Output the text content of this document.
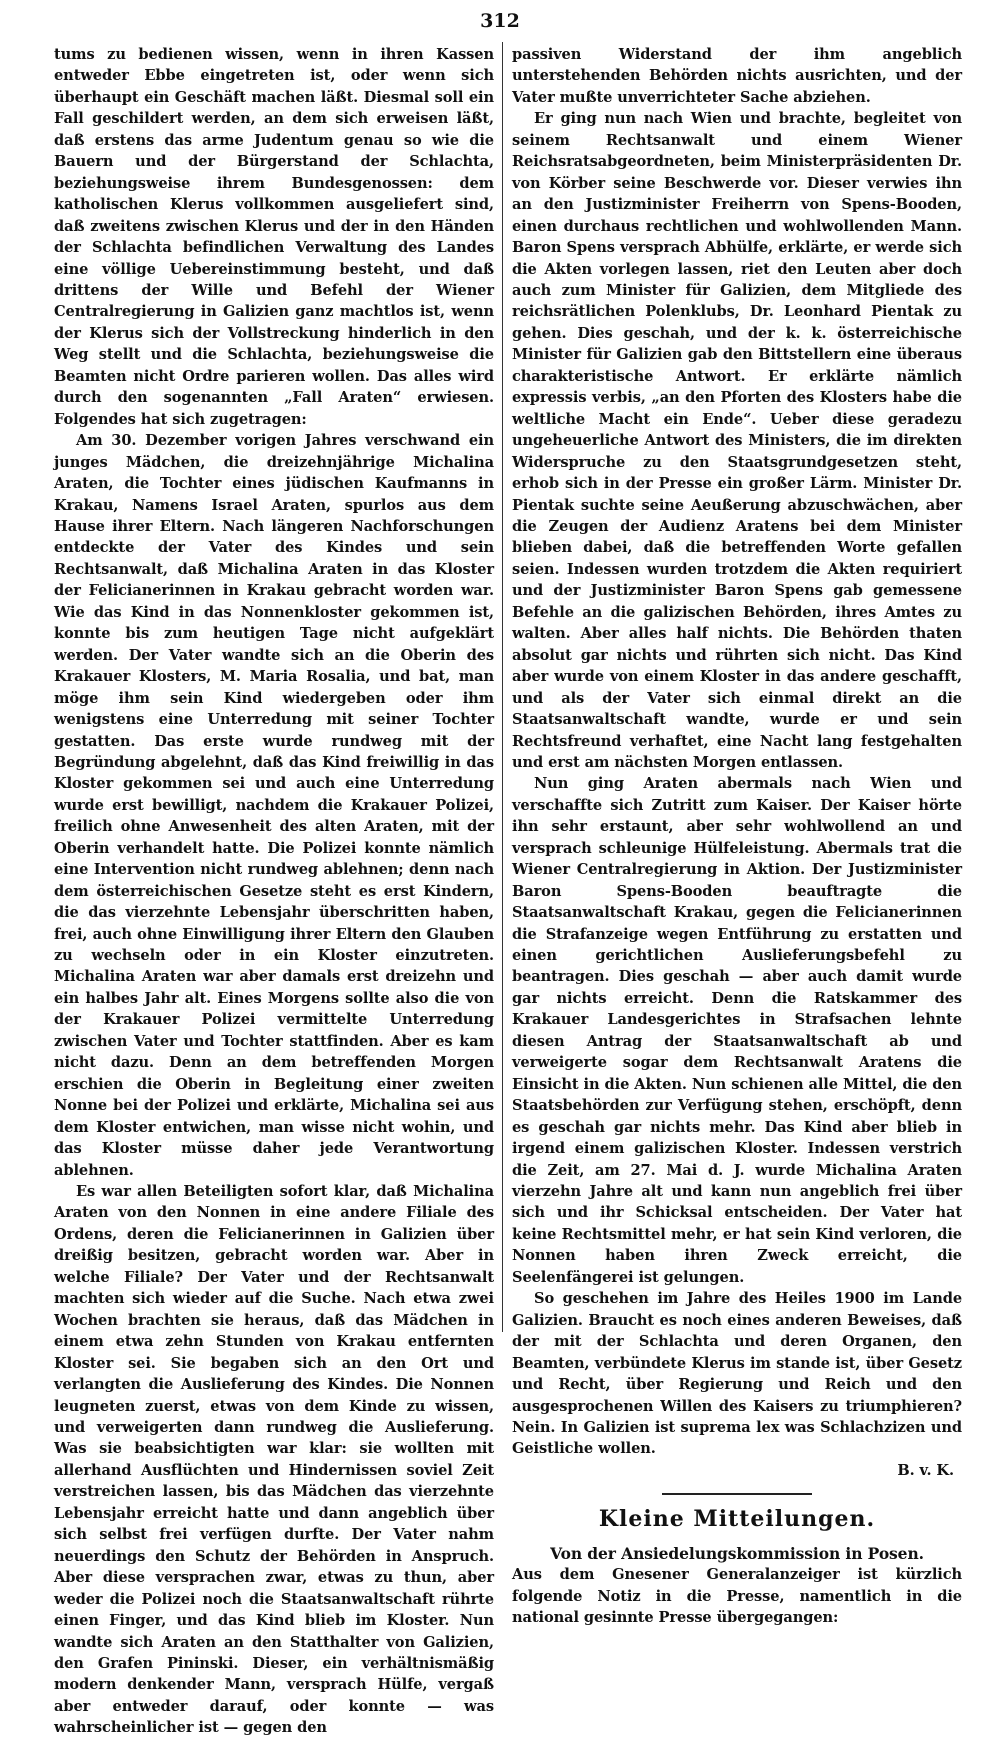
312

tums zu bedienen wissen, wenn in ihren Kassen entweder Ebbe eingetreten ist, oder wenn sich überhaupt ein Geschäft machen läßt. Diesmal soll ein Fall geschildert werden, an dem sich erweisen läßt, daß erstens das arme Judentum genau so wie die Bauern und der Bürgerstand der Schlachta, beziehungsweise ihrem Bundesgenossen: dem katholischen Klerus vollkommen ausgeliefert sind, daß zweitens zwischen Klerus und der in den Händen der Schlachta befindlichen Verwaltung des Landes eine völlige Uebereinstimmung besteht, und daß drittens der Wille und Befehl der Wiener Centralregierung in Galizien ganz machtlos ist, wenn der Klerus sich der Vollstreckung hinderlich in den Weg stellt und die Schlachta, beziehungsweise die Beamten nicht Ordre parieren wollen. Das alles wird durch den sogenannten „Fall Araten“ erwiesen. Folgendes hat sich zugetragen:

Am 30. Dezember vorigen Jahres verschwand ein junges Mädchen, die dreizehnjährige Michalina Araten, die Tochter eines jüdischen Kaufmanns in Krakau, Namens Israel Araten, spurlos aus dem Hause ihrer Eltern. Nach längeren Nachforschungen entdeckte der Vater des Kindes und sein Rechtsanwalt, daß Michalina Araten in das Kloster der Felicianerinnen in Krakau gebracht worden war. Wie das Kind in das Nonnenkloster gekommen ist, konnte bis zum heutigen Tage nicht aufgeklärt werden. Der Vater wandte sich an die Oberin des Krakauer Klosters, M. Maria Rosalia, und bat, man möge ihm sein Kind wiedergeben oder ihm wenigstens eine Unterredung mit seiner Tochter gestatten. Das erste wurde rundweg mit der Begründung abgelehnt, daß das Kind freiwillig in das Kloster gekommen sei und auch eine Unterredung wurde erst bewilligt, nachdem die Krakauer Polizei, freilich ohne Anwesenheit des alten Araten, mit der Oberin verhandelt hatte. Die Polizei konnte nämlich eine Intervention nicht rundweg ablehnen; denn nach dem österreichischen Gesetze steht es erst Kindern, die das vierzehnte Lebensjahr überschritten haben, frei, auch ohne Einwilligung ihrer Eltern den Glauben zu wechseln oder in ein Kloster einzutreten. Michalina Araten war aber damals erst dreizehn und ein halbes Jahr alt. Eines Morgens sollte also die von der Krakauer Polizei vermittelte Unterredung zwischen Vater und Tochter stattfinden. Aber es kam nicht dazu. Denn an dem betreffenden Morgen erschien die Oberin in Begleitung einer zweiten Nonne bei der Polizei und erklärte, Michalina sei aus dem Kloster entwichen, man wisse nicht wohin, und das Kloster müsse daher jede Verantwortung ablehnen.

Es war allen Beteiligten sofort klar, daß Michalina Araten von den Nonnen in eine andere Filiale des Ordens, deren die Felicianerinnen in Galizien über dreißig besitzen, gebracht worden war. Aber in welche Filiale? Der Vater und der Rechtsanwalt machten sich wieder auf die Suche. Nach etwa zwei Wochen brachten sie heraus, daß das Mädchen in einem etwa zehn Stunden von Krakau entfernten Kloster sei. Sie begaben sich an den Ort und verlangten die Auslieferung des Kindes. Die Nonnen leugneten zuerst, etwas von dem Kinde zu wissen, und verweigerten dann rundweg die Auslieferung. Was sie beabsichtigten war klar: sie wollten mit allerhand Ausflüchten und Hindernissen soviel Zeit verstreichen lassen, bis das Mädchen das vierzehnte Lebensjahr erreicht hatte und dann angeblich über sich selbst frei verfügen durfte. Der Vater nahm neuerdings den Schutz der Behörden in Anspruch. Aber diese versprachen zwar, etwas zu thun, aber weder die Polizei noch die Staatsanwaltschaft rührte einen Finger, und das Kind blieb im Kloster. Nun wandte sich Araten an den Statthalter von Galizien, den Grafen Pininski. Dieser, ein verhältnismäßig modern denkender Mann, versprach Hülfe, vergaß aber entweder darauf, oder konnte — was wahrscheinlicher ist — gegen den

passiven Widerstand der ihm angeblich unterstehenden Behörden nichts ausrichten, und der Vater mußte unverrichteter Sache abziehen.

Er ging nun nach Wien und brachte, begleitet von seinem Rechtsanwalt und einem Wiener Reichsratsabgeordneten, beim Ministerpräsidenten Dr. von Körber seine Beschwerde vor. Dieser verwies ihn an den Justizminister Freiherrn von Spens-Booden, einen durchaus rechtlichen und wohlwollenden Mann. Baron Spens versprach Abhülfe, erklärte, er werde sich die Akten vorlegen lassen, riet den Leuten aber doch auch zum Minister für Galizien, dem Mitgliede des reichsrätlichen Polenklubs, Dr. Leonhard Pientak zu gehen. Dies geschah, und der k. k. österreichische Minister für Galizien gab den Bittstellern eine überaus charakteristische Antwort. Er erklärte nämlich expressis verbis, „an den Pforten des Klosters habe die weltliche Macht ein Ende“. Ueber diese geradezu ungeheuerliche Antwort des Ministers, die im direkten Widerspruche zu den Staatsgrundgesetzen steht, erhob sich in der Presse ein großer Lärm. Minister Dr. Pientak suchte seine Aeußerung abzuschwächen, aber die Zeugen der Audienz Aratens bei dem Minister blieben dabei, daß die betreffenden Worte gefallen seien. Indessen wurden trotzdem die Akten requiriert und der Justizminister Baron Spens gab gemessene Befehle an die galizischen Behörden, ihres Amtes zu walten. Aber alles half nichts. Die Behörden thaten absolut gar nichts und rührten sich nicht. Das Kind aber wurde von einem Kloster in das andere geschafft, und als der Vater sich einmal direkt an die Staatsanwaltschaft wandte, wurde er und sein Rechtsfreund verhaftet, eine Nacht lang festgehalten und erst am nächsten Morgen entlassen.

Nun ging Araten abermals nach Wien und verschaffte sich Zutritt zum Kaiser. Der Kaiser hörte ihn sehr erstaunt, aber sehr wohlwollend an und versprach schleunige Hülfeleistung. Abermals trat die Wiener Centralregierung in Aktion. Der Justizminister Baron Spens-Booden beauftragte die Staatsanwaltschaft Krakau, gegen die Felicianerinnen die Strafanzeige wegen Entführung zu erstatten und einen gerichtlichen Auslieferungsbefehl zu beantragen. Dies geschah — aber auch damit wurde gar nichts erreicht. Denn die Ratskammer des Krakauer Landesgerichtes in Strafsachen lehnte diesen Antrag der Staatsanwaltschaft ab und verweigerte sogar dem Rechtsanwalt Aratens die Einsicht in die Akten. Nun schienen alle Mittel, die den Staatsbehörden zur Verfügung stehen, erschöpft, denn es geschah gar nichts mehr. Das Kind aber blieb in irgend einem galizischen Kloster. Indessen verstrich die Zeit, am 27. Mai d. J. wurde Michalina Araten vierzehn Jahre alt und kann nun angeblich frei über sich und ihr Schicksal entscheiden. Der Vater hat keine Rechtsmittel mehr, er hat sein Kind verloren, die Nonnen haben ihren Zweck erreicht, die Seelenfängerei ist gelungen.

So geschehen im Jahre des Heiles 1900 im Lande Galizien. Braucht es noch eines anderen Beweises, daß der mit der Schlachta und deren Organen, den Beamten, verbündete Klerus im stande ist, über Gesetz und Recht, über Regierung und Reich und den ausgesprochenen Willen des Kaisers zu triumphieren? Nein. In Galizien ist suprema lex was Schlachzizen und Geistliche wollen.

B. v. K.

Kleine Mitteilungen.
Von der Ansiedelungskommission in Posen.

Aus dem Gnesener Generalanzeiger ist kürzlich folgende Notiz in die Presse, namentlich in die national gesinnte Presse übergegangen:
